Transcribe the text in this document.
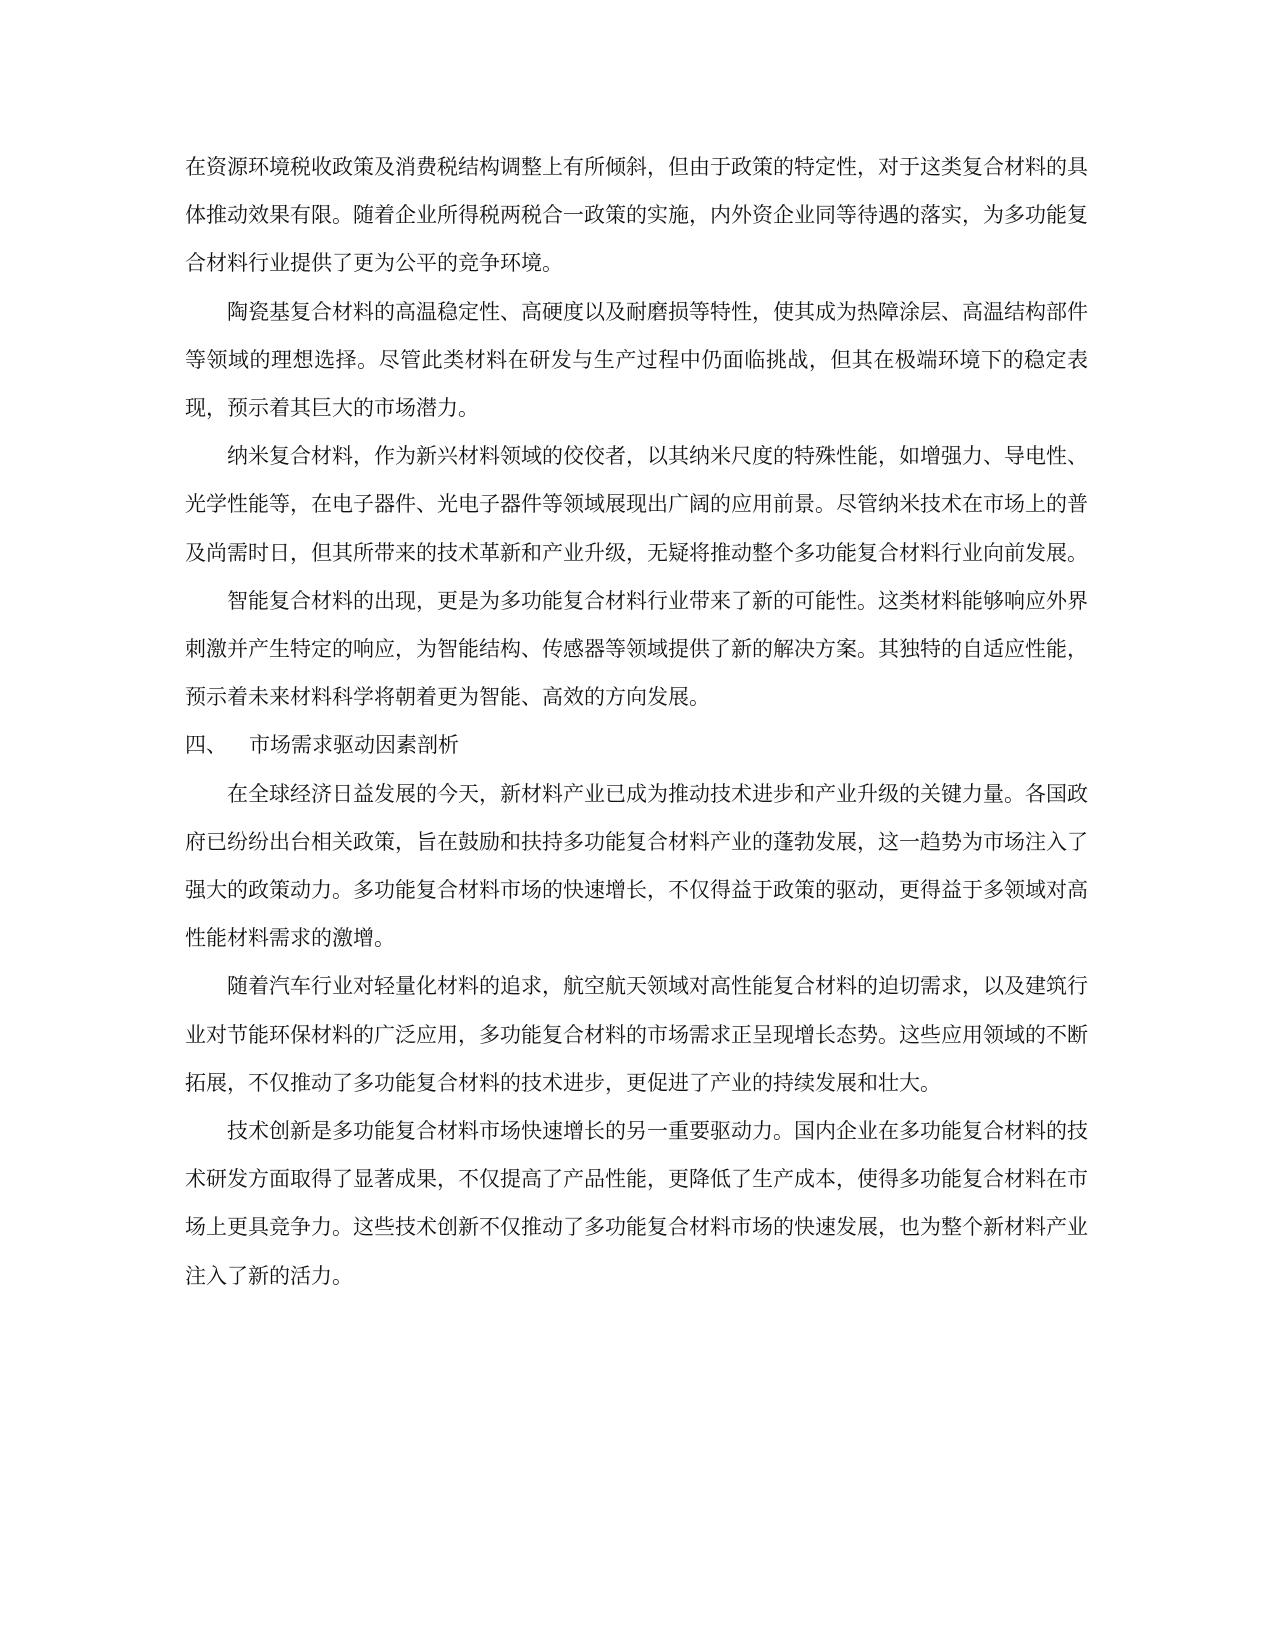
在资源环境税收政策及消费税结构调整上有所倾斜，但由于政策的特定性，对于这类复合材料的具体推动效果有限。随着企业所得税两税合一政策的实施，内外资企业同等待遇的落实，为多功能复合材料行业提供了更为公平的竞争环境。

陶瓷基复合材料的高温稳定性、高硬度以及耐磨损等特性，使其成为热障涂层、高温结构部件等领域的理想选择。尽管此类材料在研发与生产过程中仍面临挑战，但其在极端环境下的稳定表现，预示着其巨大的市场潜力。

纳米复合材料，作为新兴材料领域的佼佼者，以其纳米尺度的特殊性能，如增强力、导电性、光学性能等，在电子器件、光电子器件等领域展现出广阔的应用前景。尽管纳米技术在市场上的普及尚需时日，但其所带来的技术革新和产业升级，无疑将推动整个多功能复合材料行业向前发展。

智能复合材料的出现，更是为多功能复合材料行业带来了新的可能性。这类材料能够响应外界刺激并产生特定的响应，为智能结构、传感器等领域提供了新的解决方案。其独特的自适应性能，预示着未来材料科学将朝着更为智能、高效的方向发展。

四、 市场需求驱动因素剖析

在全球经济日益发展的今天，新材料产业已成为推动技术进步和产业升级的关键力量。各国政府已纷纷出台相关政策，旨在鼓励和扶持多功能复合材料产业的蓬勃发展，这一趋势为市场注入了强大的政策动力。多功能复合材料市场的快速增长，不仅得益于政策的驱动，更得益于多领域对高性能材料需求的激增。

随着汽车行业对轻量化材料的追求，航空航天领域对高性能复合材料的迫切需求，以及建筑行业对节能环保材料的广泛应用，多功能复合材料的市场需求正呈现增长态势。这些应用领域的不断拓展，不仅推动了多功能复合材料的技术进步，更促进了产业的持续发展和壮大。

技术创新是多功能复合材料市场快速增长的另一重要驱动力。国内企业在多功能复合材料的技术研发方面取得了显著成果，不仅提高了产品性能，更降低了生产成本，使得多功能复合材料在市场上更具竞争力。这些技术创新不仅推动了多功能复合材料市场的快速发展，也为整个新材料产业注入了新的活力。
